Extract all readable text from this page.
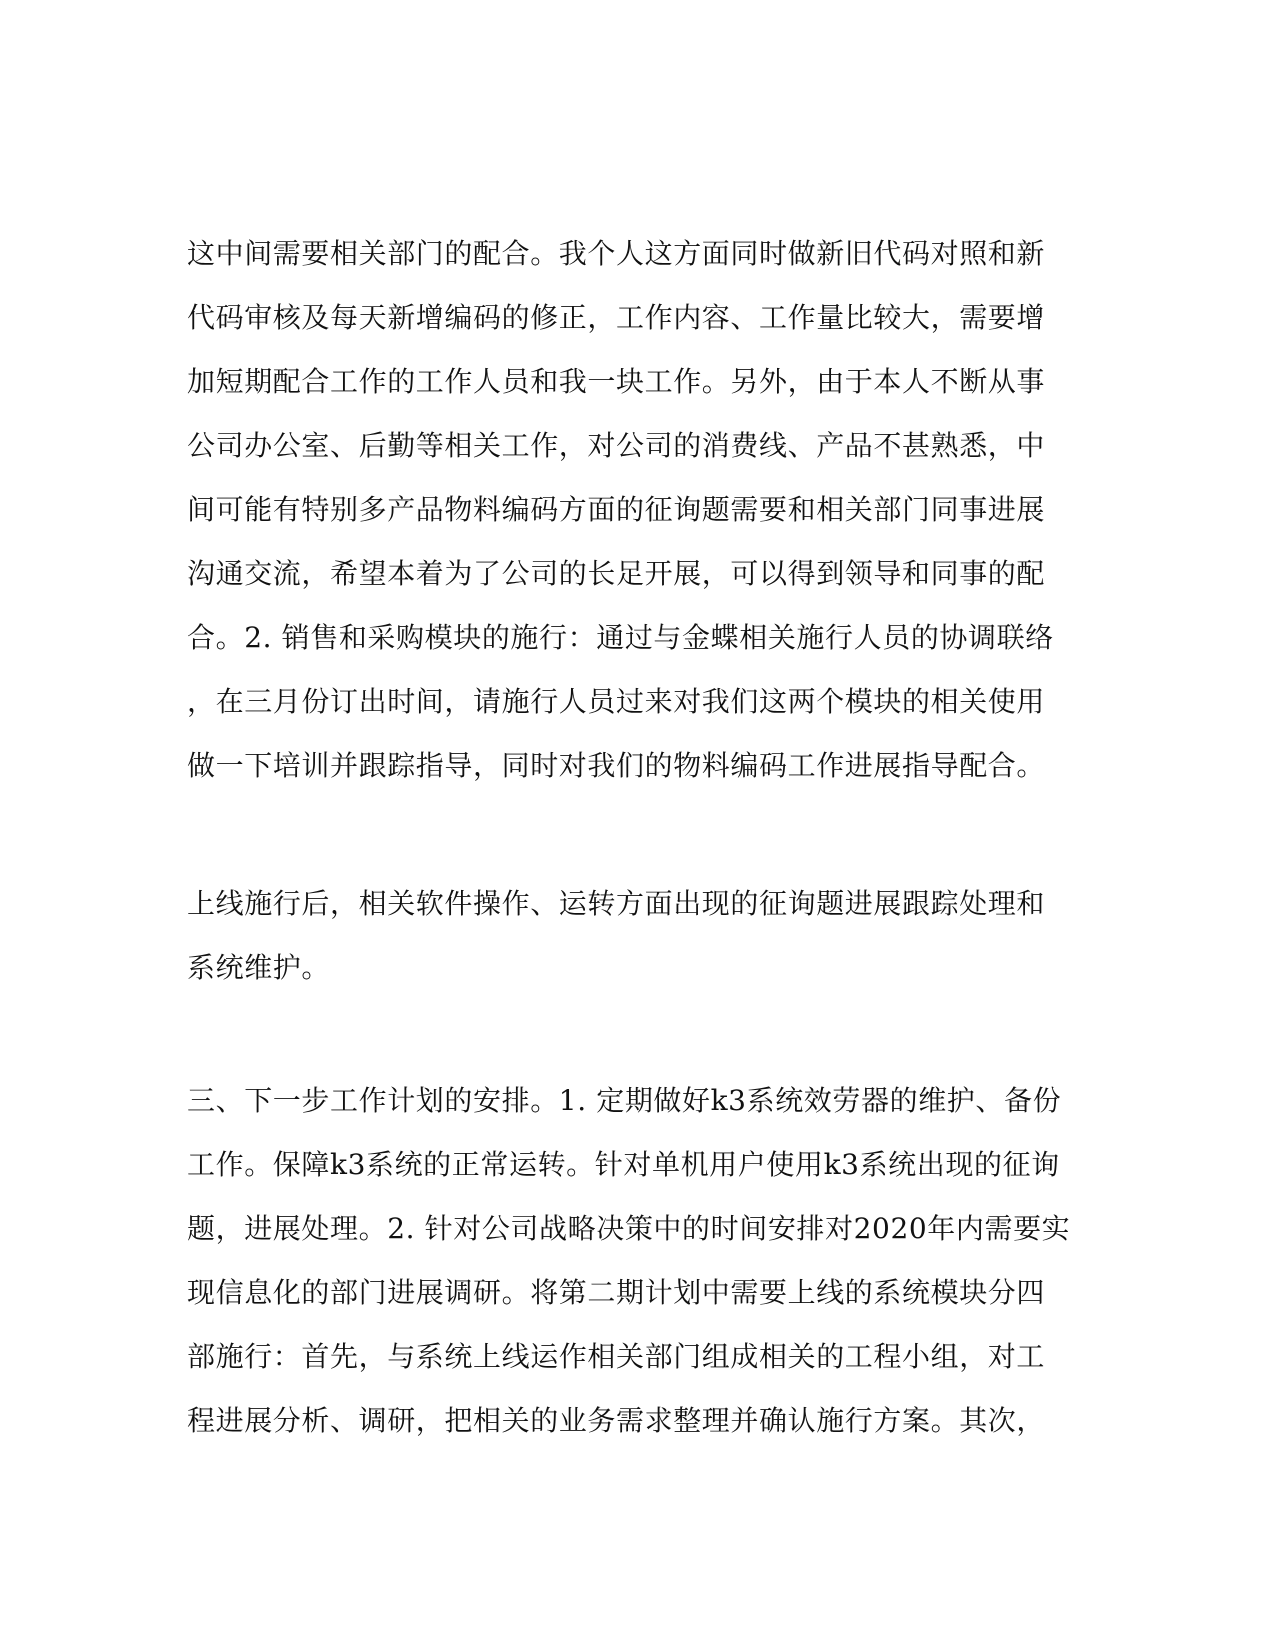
这中间需要相关部门的配合。我个人这方面同时做新旧代码对照和新
代码审核及每天新增编码的修正，工作内容、工作量比较大，需要增
加短期配合工作的工作人员和我一块工作。另外，由于本人不断从事
公司办公室、后勤等相关工作，对公司的消费线、产品不甚熟悉，中
间可能有特别多产品物料编码方面的征询题需要和相关部门同事进展
沟通交流，希望本着为了公司的长足开展，可以得到领导和同事的配
合。2. 销售和采购模块的施行：通过与金蝶相关施行人员的协调联络
，在三月份订出时间，请施行人员过来对我们这两个模块的相关使用
做一下培训并跟踪指导，同时对我们的物料编码工作进展指导配合。

上线施行后，相关软件操作、运转方面出现的征询题进展跟踪处理和
系统维护。

三、下一步工作计划的安排。1. 定期做好k3系统效劳器的维护、备份
工作。保障k3系统的正常运转。针对单机用户使用k3系统出现的征询
题，进展处理。2. 针对公司战略决策中的时间安排对2020年内需要实
现信息化的部门进展调研。将第二期计划中需要上线的系统模块分四
部施行：首先，与系统上线运作相关部门组成相关的工程小组，对工
程进展分析、调研，把相关的业务需求整理并确认施行方案。其次，
